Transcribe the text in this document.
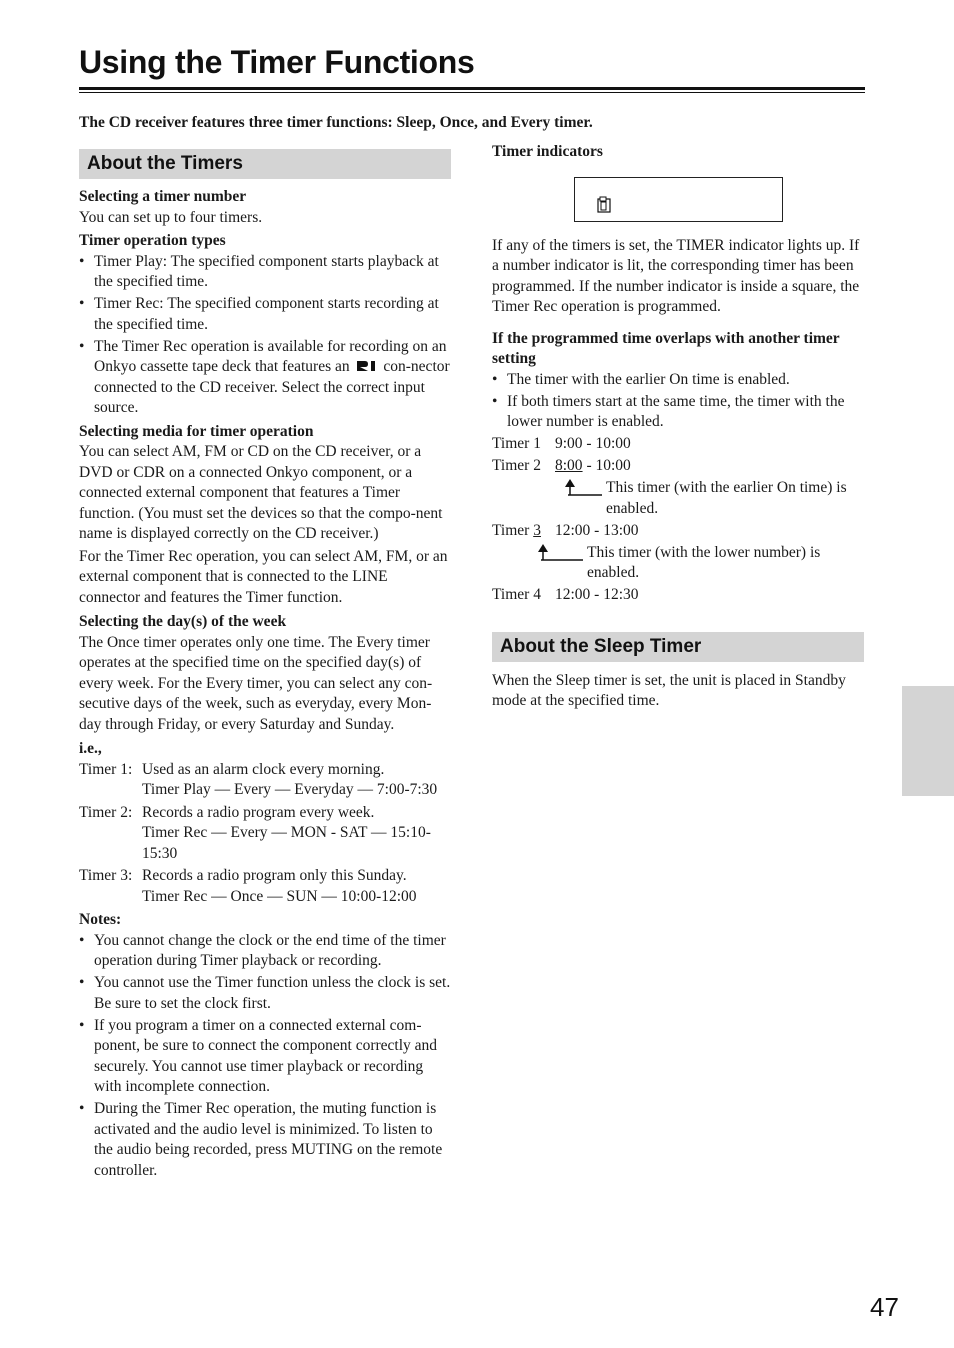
Using the Timer Functions
The CD receiver features three timer functions: Sleep, Once, and Every timer.
About the Timers
Selecting a timer number
You can set up to four timers.
Timer operation types
• Timer Play: The specified component starts playback at the specified time.
• Timer Rec: The specified component starts recording at the specified time.
• The Timer Rec operation is available for recording on an Onkyo cassette tape deck that features an con-nector connected to the CD receiver. Select the correct input source.
Selecting media for timer operation
You can select AM, FM or CD on the CD receiver, or a DVD or CDR on a connected Onkyo component, or a connected external component that features a Timer function. (You must set the devices so that the compo-nent name is displayed correctly on the CD receiver.)
For the Timer Rec operation, you can select AM, FM, or an external component that is connected to the LINE connector and features the Timer function.
Selecting the day(s) of the week
The Once timer operates only one time. The Every timer operates at the specified time on the specified day(s) of every week. For the Every timer, you can select any con-secutive days of the week, such as everyday, every Mon-day through Friday, or every Saturday and Sunday.
i.e.,
Timer 1: Used as an alarm clock every morning.
Timer Play — Every — Everyday — 7:00-7:30
Timer 2: Records a radio program every week.
Timer Rec — Every — MON - SAT — 15:10-15:30
Timer 3: Records a radio program only this Sunday.
Timer Rec — Once — SUN — 10:00-12:00
Notes:
• You cannot change the clock or the end time of the timer operation during Timer playback or recording.
• You cannot use the Timer function unless the clock is set. Be sure to set the clock first.
• If you program a timer on a connected external com-ponent, be sure to connect the component correctly and securely. You cannot use timer playback or recording with incomplete connection.
• During the Timer Rec operation, the muting function is activated and the audio level is minimized. To listen to the audio being recorded, press MUTING on the remote controller.
Timer indicators
If any of the timers is set, the TIMER indicator lights up. If a number indicator is lit, the corresponding timer has been programmed. If the number indicator is inside a square, the Timer Rec operation is programmed.
If the programmed time overlaps with another timer setting
• The timer with the earlier On time is enabled.
• If both timers start at the same time, the timer with the lower number is enabled.
Timer 1 9:00 - 10:00
Timer 2 8:00 - 10:00
This timer (with the earlier On time) is enabled.
Timer 3 12:00 - 13:00
This timer (with the lower number) is enabled.
Timer 4 12:00 - 12:30
About the Sleep Timer
When the Sleep timer is set, the unit is placed in Standby mode at the specified time.
47
